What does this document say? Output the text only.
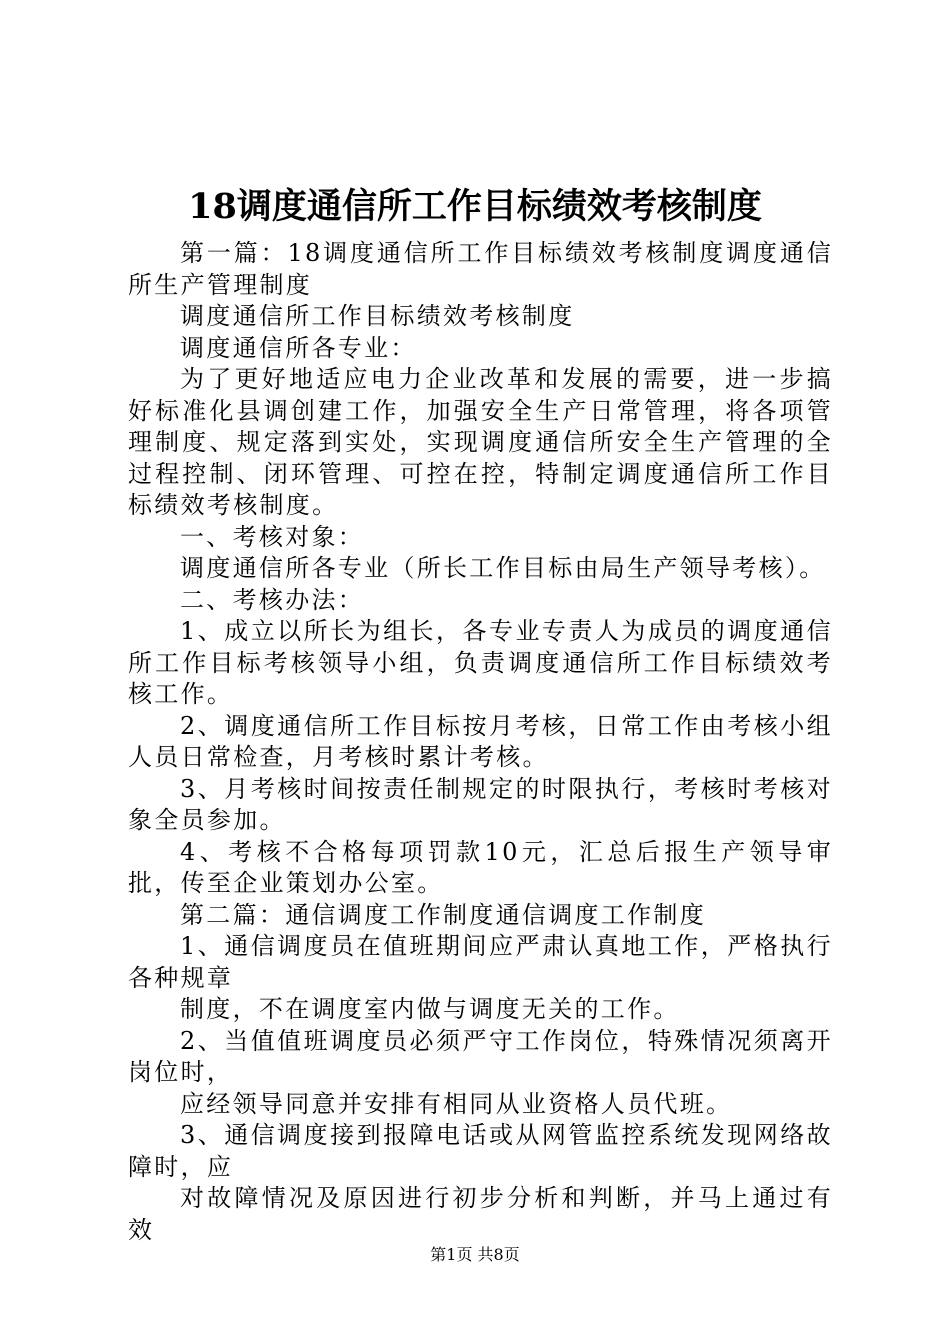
18调度通信所工作目标绩效考核制度

第一篇：18调度通信所工作目标绩效考核制度调度通信所生产管理制度

调度通信所工作目标绩效考核制度

调度通信所各专业：

为了更好地适应电力企业改革和发展的需要，进一步搞好标准化县调创建工作，加强安全生产日常管理，将各项管理制度、规定落到实处，实现调度通信所安全生产管理的全过程控制、闭环管理、可控在控，特制定调度通信所工作目标绩效考核制度。

一、考核对象：

调度通信所各专业（所长工作目标由局生产领导考核）。

二、考核办法：

1、成立以所长为组长，各专业专责人为成员的调度通信所工作目标考核领导小组，负责调度通信所工作目标绩效考核工作。

2、调度通信所工作目标按月考核，日常工作由考核小组人员日常检查，月考核时累计考核。

3、月考核时间按责任制规定的时限执行，考核时考核对象全员参加。

4、考核不合格每项罚款10元，汇总后报生产领导审批，传至企业策划办公室。

第二篇：通信调度工作制度通信调度工作制度

1、通信调度员在值班期间应严肃认真地工作，严格执行各种规章

制度，不在调度室内做与调度无关的工作。

2、当值值班调度员必须严守工作岗位，特殊情况须离开岗位时，

应经领导同意并安排有相同从业资格人员代班。

3、通信调度接到报障电话或从网管监控系统发现网络故障时，应

对故障情况及原因进行初步分析和判断，并马上通过有效

第1页 共8页
